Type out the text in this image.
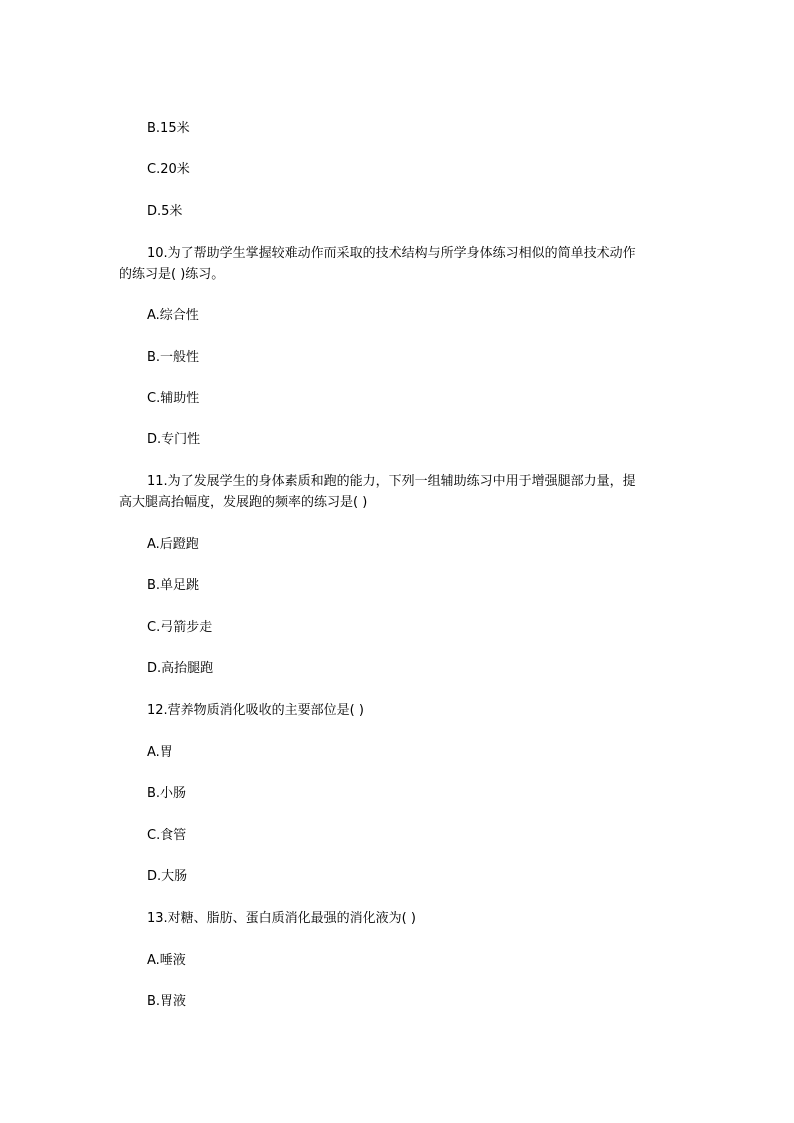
B.15米
C.20米
D.5米
10.为了帮助学生掌握较难动作而采取的技术结构与所学身体练习相似的简单技术动作
的练习是( )练习。
A.综合性
B.一般性
C.辅助性
D.专门性
11.为了发展学生的身体素质和跑的能力，下列一组辅助练习中用于增强腿部力量，提
高大腿高抬幅度，发展跑的频率的练习是( )
A.后蹬跑
B.单足跳
C.弓箭步走
D.高抬腿跑
12.营养物质消化吸收的主要部位是( )
A.胃
B.小肠
C.食管
D.大肠
13.对糖、脂肪、蛋白质消化最强的消化液为( )
A.唾液
B.胃液
